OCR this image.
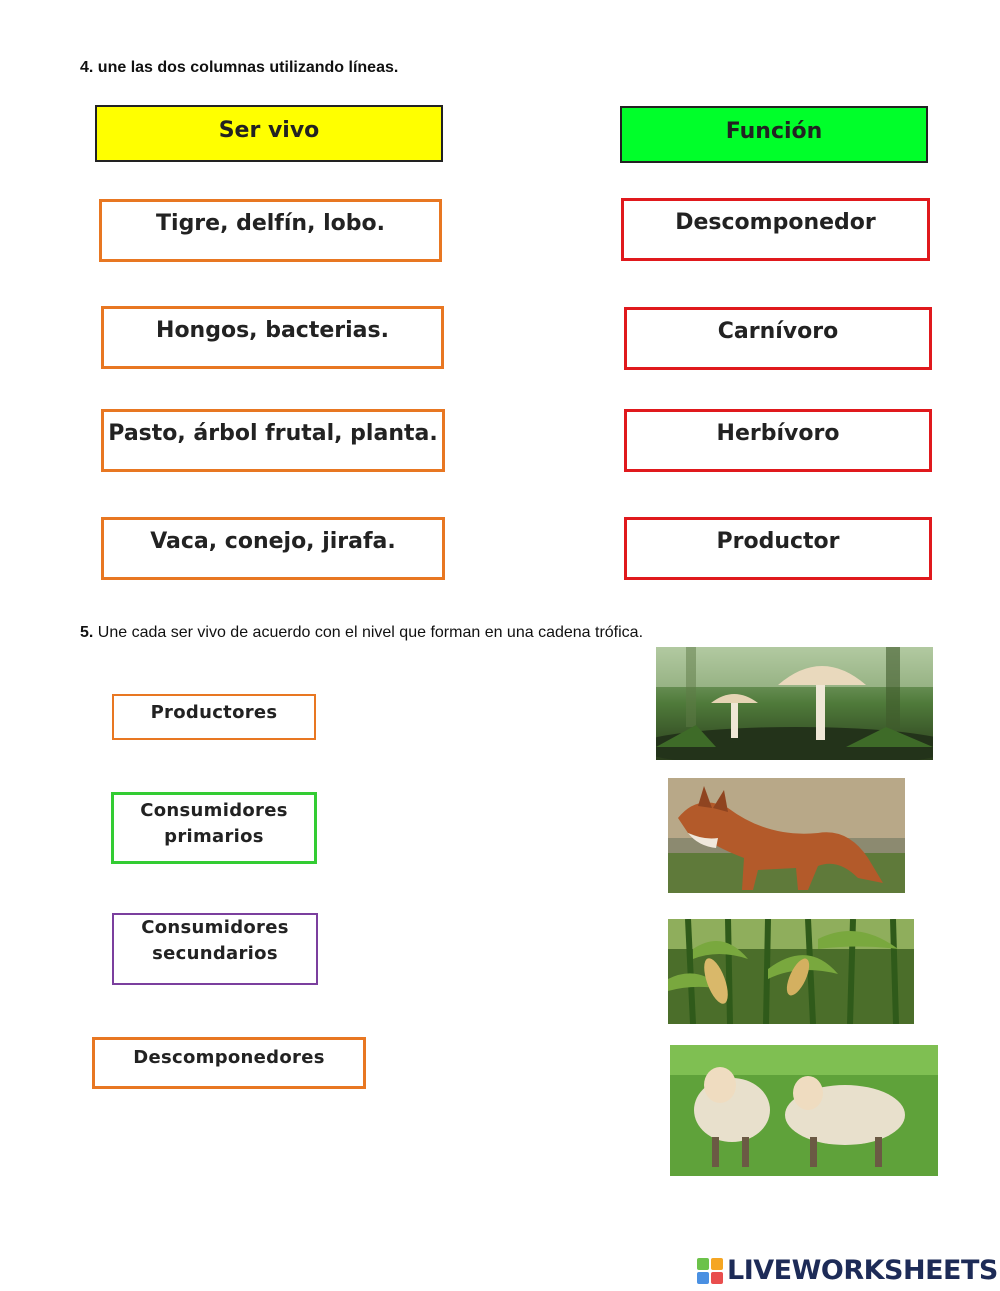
4. une las dos columnas utilizando líneas.
Ser vivo	Función
Tigre, delfín, lobo.
Hongos, bacterias.
Pasto, árbol frutal, planta.
Vaca, conejo, jirafa.
Descomponedor
Carnívoro
Herbívoro
Productor
5. Une cada ser vivo de acuerdo con el nivel que forman en una cadena trófica.
Productores
Consumidores primarios
Consumidores secundarios
Descomponedores
LIVEWORKSHEETS
